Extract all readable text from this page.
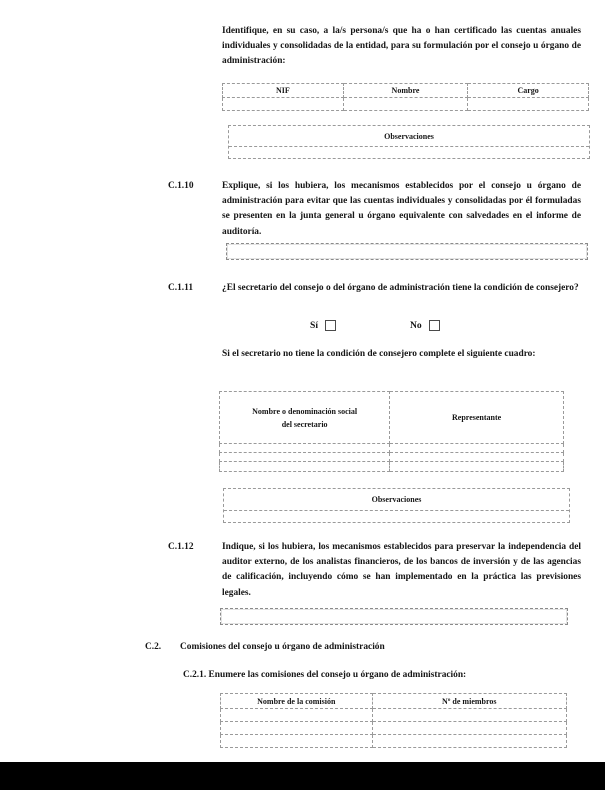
Identifique, en su caso, a la/s persona/s que ha o han certificado las cuentas anuales individuales y consolidadas de la entidad, para su formulación por el consejo u órgano de administración:
NIF	Nombre	Cargo

Observaciones
C.1.10	Explique, si los hubiera, los mecanismos establecidos por el consejo u órgano de administración para evitar que las cuentas individuales y consolidadas por él formuladas se presenten en la junta general u órgano equivalente con salvedades en el informe de auditoría.
C.1.11	¿El secretario del consejo o del órgano de administración tiene la condición de consejero?
Sí	No
Si el secretario no tiene la condición de consejero complete el siguiente cuadro:
Nombre o denominación social del secretario	Representante

Observaciones
C.1.12	Indique, si los hubiera, los mecanismos establecidos para preservar la independencia del auditor externo, de los analistas financieros, de los bancos de inversión y de las agencias de calificación, incluyendo cómo se han implementado en la práctica las previsiones legales.
C.2. Comisiones del consejo u órgano de administración
C.2.1. Enumere las comisiones del consejo u órgano de administración:
Nombre de la comisión	Nº de miembros
